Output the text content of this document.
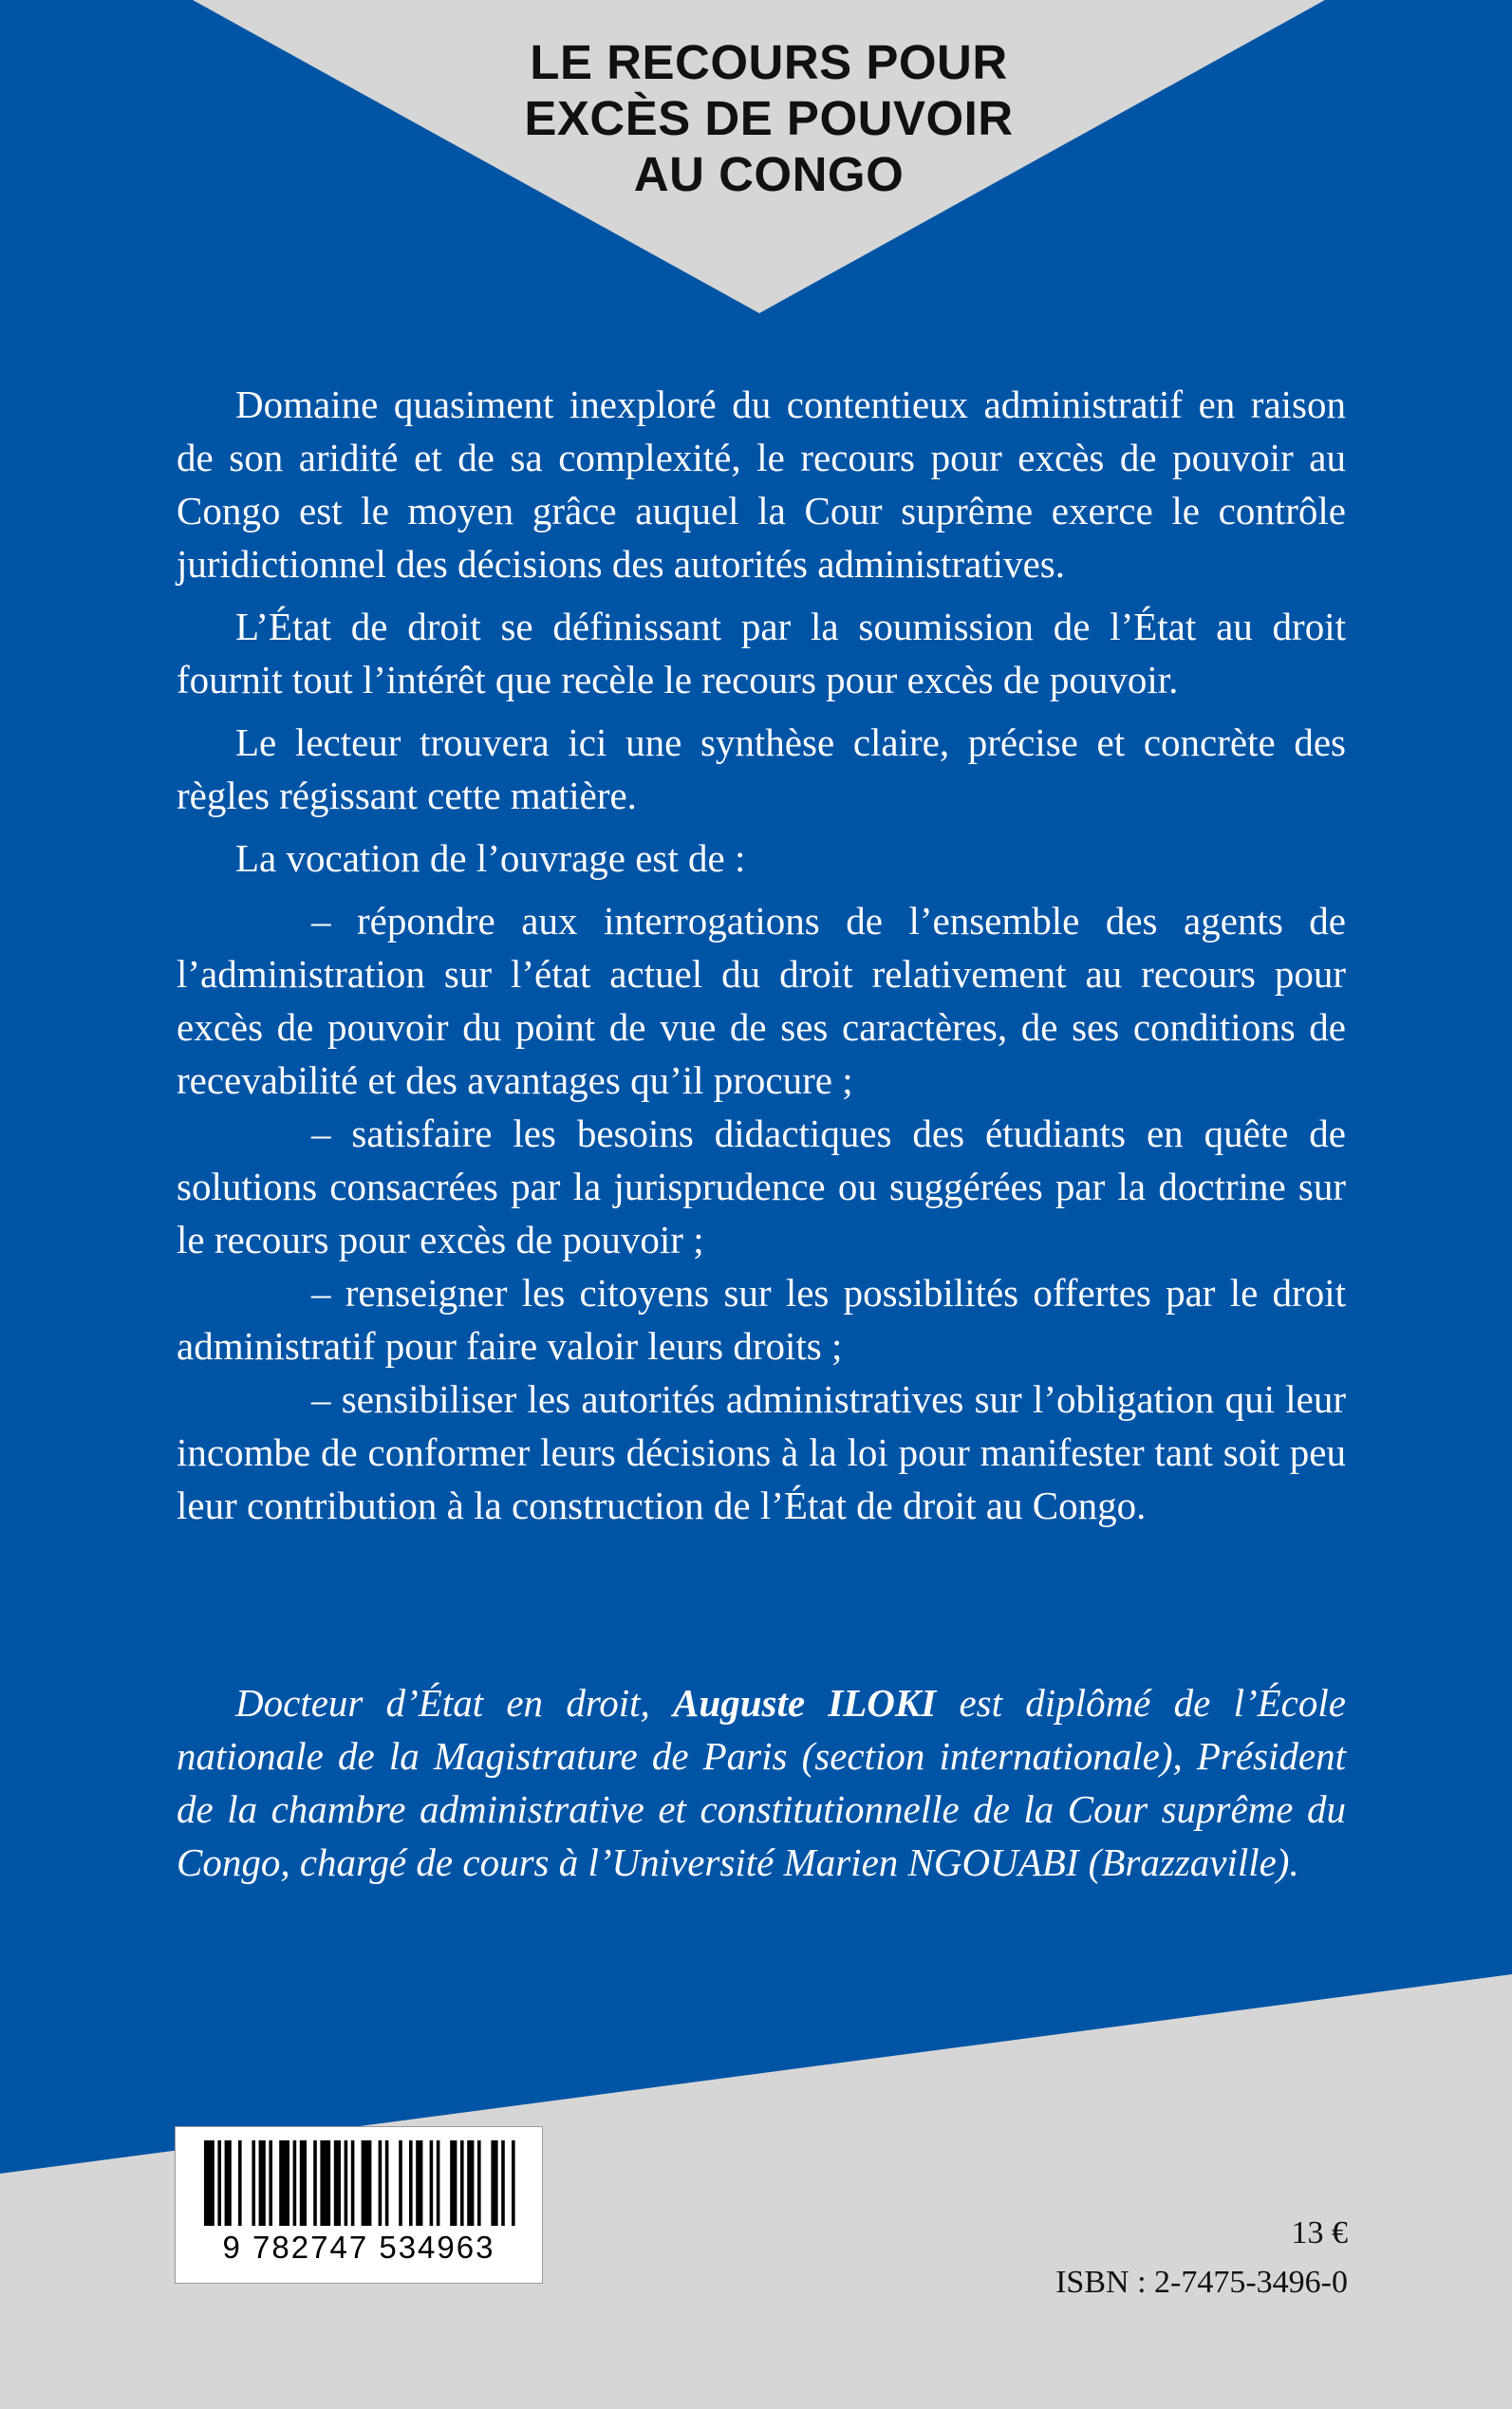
LE RECOURS POUR
EXCÈS DE POUVOIR
AU CONGO

Domaine quasiment inexploré du contentieux administratif en raison de son aridité et de sa complexité, le recours pour excès de pouvoir au Congo est le moyen grâce auquel la Cour suprême exerce le contrôle juridictionnel des décisions des autorités administratives.

L’État de droit se définissant par la soumission de l’État au droit fournit tout l’intérêt que recèle le recours pour excès de pouvoir.

Le lecteur trouvera ici une synthèse claire, précise et concrète des règles régissant cette matière.

La vocation de l’ouvrage est de :

– répondre aux interrogations de l’ensemble des agents de l’administration sur l’état actuel du droit relativement au recours pour excès de pouvoir du point de vue de ses caractères, de ses conditions de recevabilité et des avantages qu’il procure ;

– satisfaire les besoins didactiques des étudiants en quête de solutions consacrées par la jurisprudence ou suggérées par la doctrine sur le recours pour excès de pouvoir ;

– renseigner les citoyens sur les possibilités offertes par le droit administratif pour faire valoir leurs droits ;

– sensibiliser les autorités administratives sur l’obligation qui leur incombe de conformer leurs décisions à la loi pour manifester tant soit peu leur contribution à la construction de l’État de droit au Congo.

Docteur d’État en droit, Auguste ILOKI est diplômé de l’École nationale de la Magistrature de Paris (section internationale), Président de la chambre administrative et constitutionnelle de la Cour suprême du Congo, chargé de cours à l’Université Marien NGOUABI (Brazzaville).

9 782747 534963	13 €
ISBN : 2-7475-3496-0
